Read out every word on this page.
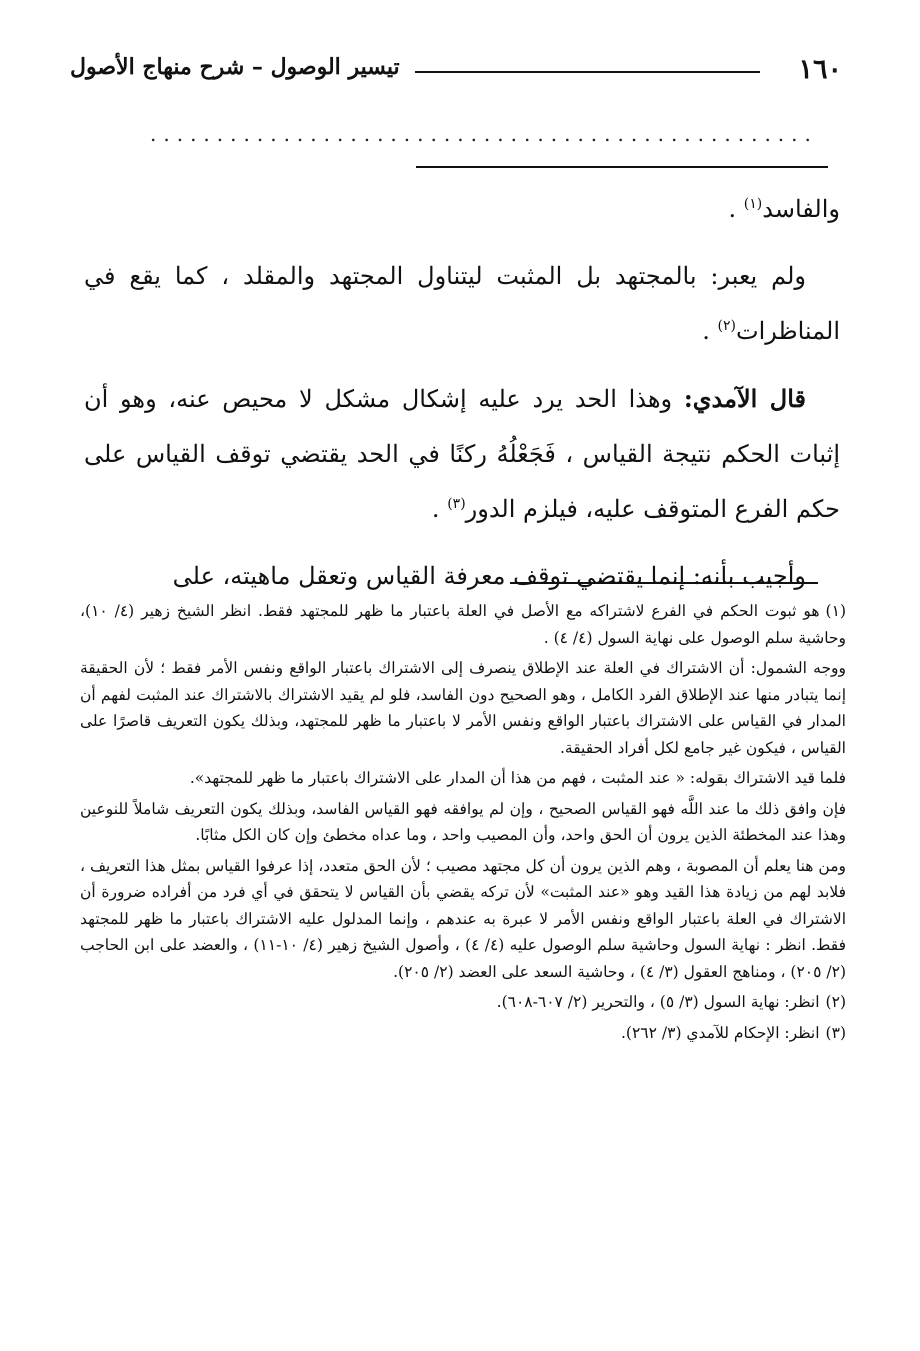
١٦٠
تيسير الوصول – شرح منهاج الأصول
..................................................

والفاسد$^{(١)}$ .

ولم يعبر: بالمجتهد بل المثبت ليتناول المجتهد والمقلد ، كما يقع في المناظرات$^{(٢)}$ .

قال الآمدي: وهذا الحد يرد عليه إشكال مشكل لا محيص عنه، وهو أن إثبات الحكم نتيجة القياس ، فَجَعْلُهُ ركنًا في الحد يقتضي توقف القياس على حكم الفرع المتوقف عليه، فيلزم الدور$^{(٣)}$ .

وأجيب بأنه: إنما يقتضي توقف معرفة القياس وتعقل ماهيته، على

(١)هو ثبوت الحكم في الفرع لاشتراكه مع الأصل في العلة باعتبار ما ظهر للمجتهد فقط. انظر الشيخ زهير (٤/ ١٠)، وحاشية سلم الوصول على نهاية السول (٤/ ٤) .

ووجه الشمول: أن الاشتراك في العلة عند الإطلاق ينصرف إلى الاشتراك باعتبار الواقع ونفس الأمر فقط ؛ لأن الحقيقة إنما يتبادر منها عند الإطلاق الفرد الكامل ، وهو الصحيح دون الفاسد، فلو لم يقيد الاشتراك بالاشتراك عند المثبت لفهم أن المدار في القياس على الاشتراك باعتبار الواقع ونفس الأمر لا باعتبار ما ظهر للمجتهد، وبذلك يكون التعريف قاصرًا على القياس ، فيكون غير جامع لكل أفراد الحقيقة.

فلما قيد الاشتراك بقوله: « عند المثبت ، فهم من هذا أن المدار على الاشتراك باعتبار ما ظهر للمجتهد».

فإن وافق ذلك ما عند اللَّه فهو القياس الصحيح ، وإن لم يوافقه فهو القياس الفاسد، وبذلك يكون التعريف شاملاً للنوعين وهذا عند المخطئة الذين يرون أن الحق واحد، وأن المصيب واحد ، وما عداه مخطئ وإن كان الكل مثابًا.

ومن هنا يعلم أن المصوبة ، وهم الذين يرون أن كل مجتهد مصيب ؛ لأن الحق متعدد، إذا عرفوا القياس بمثل هذا التعريف ، فلابد لهم من زيادة هذا القيد وهو «عند المثبت» لأن تركه يقضي بأن القياس لا يتحقق في أي فرد من أفراده ضرورة أن الاشتراك في العلة باعتبار الواقع ونفس الأمر لا عبرة به عندهم ، وإنما المدلول عليه الاشتراك باعتبار ما ظهر للمجتهد فقط. انظر : نهاية السول وحاشية سلم الوصول عليه (٤/ ٤) ، وأصول الشيخ زهير (٤/ ١٠-١١) ، والعضد على ابن الحاجب (٢/ ٢٠٥) ، ومناهج العقول (٣/ ٤) ، وحاشية السعد على العضد (٢/ ٢٠٥).

(٢)انظر: نهاية السول (٣/ ٥) ، والتحرير (٢/ ٦٠٧-٦٠٨).

(٣)انظر: الإحكام للآمدي (٣/ ٢٦٢).
